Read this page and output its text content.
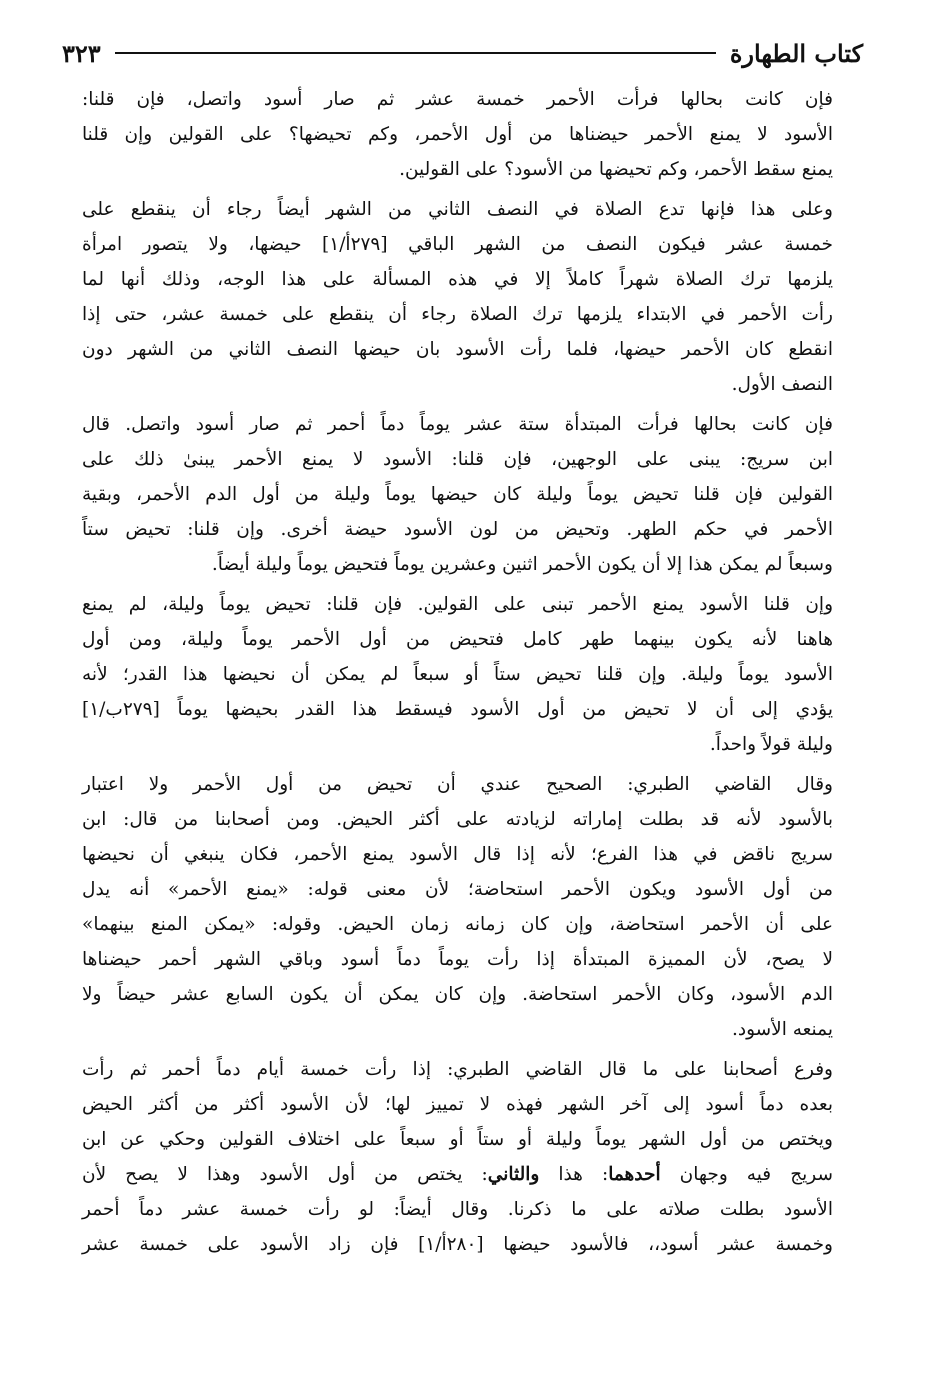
كتاب الطهارة
٣٢٣

فإن كانت بحالها فرأت الأحمر خمسة عشر ثم صار أسود واتصل، فإن قلنا:
الأسود لا يمنع الأحمر حيضناها من أول الأحمر، وكم تحيضها؟ على القولين وإن قلنا
يمنع سقط الأحمر، وكم تحيضها من الأسود؟ على القولين.

وعلى هذا فإنها تدع الصلاة في النصف الثاني من الشهر أيضاً رجاء أن ينقطع على
خمسة عشر فيكون النصف من الشهر الباقي [٢٧٩أ/١] حيضها، ولا يتصور امرأة
يلزمها ترك الصلاة شهراً كاملاً إلا في هذه المسألة على هذا الوجه، وذلك أنها لما
رأت الأحمر في الابتداء يلزمها ترك الصلاة رجاء أن ينقطع على خمسة عشر، حتى إذا
انقطع كان الأحمر حيضها، فلما رأت الأسود بان حيضها النصف الثاني من الشهر دون
النصف الأول.

فإن كانت بحالها فرأت المبتدأة ستة عشر يوماً دماً أحمر ثم صار أسود واتصل. قال
ابن سريج: يبنى على الوجهين، فإن قلنا: الأسود لا يمنع الأحمر يبنىٰ ذلك على
القولين فإن قلنا تحيض يوماً وليلة كان حيضها يوماً وليلة من أول الدم الأحمر، وبقية
الأحمر في حكم الطهر. وتحيض من لون الأسود حيضة أخرى. وإن قلنا: تحيض ستاً
وسبعاً لم يمكن هذا إلا أن يكون الأحمر اثنين وعشرين يوماً فتحيض يوماً وليلة أيضاً.

وإن قلنا الأسود يمنع الأحمر تبنى على القولين. فإن قلنا: تحيض يوماً وليلة، لم يمنع
هاهنا لأنه يكون بينهما طهر كامل فتحيض من أول الأحمر يوماً وليلة، ومن أول
الأسود يوماً وليلة. وإن قلنا تحيض ستاً أو سبعاً لم يمكن أن نحيضها هذا القدر؛ لأنه
يؤدي إلى أن لا تحيض من أول الأسود فيسقط هذا القدر بحيضها يوماً [٢٧٩ب/١]
وليلة قولاً واحداً.

وقال القاضي الطبري: الصحيح عندي أن تحيض من أول الأحمر ولا اعتبار
بالأسود لأنه قد بطلت إماراته لزيادته على أكثر الحيض. ومن أصحابنا من قال: ابن
سريج ناقض في هذا الفرع؛ لأنه إذا قال الأسود يمنع الأحمر، فكان ينبغي أن نحيضها
من أول الأسود ويكون الأحمر استحاضة؛ لأن معنى قوله: «يمنع الأحمر» أنه يدل
على أن الأحمر استحاضة، وإن كان زمانه زمان الحيض. وقوله: «يمكن المنع بينهما»
لا يصح، لأن المميزة المبتدأة إذا رأت يوماً دماً أسود وباقي الشهر أحمر حيضناها
الدم الأسود، وكان الأحمر استحاضة. وإن كان يمكن أن يكون السابع عشر حيضاً ولا
يمنعه الأسود.

وفرع أصحابنا على ما قال القاضي الطبري: إذا رأت خمسة أيام دماً أحمر ثم رأت
بعده دماً أسود إلى آخر الشهر فهذه لا تمييز لها؛ لأن الأسود أكثر من أكثر الحيض
ويختص من أول الشهر يوماً وليلة أو ستاً أو سبعاً على اختلاف القولين وحكي عن ابن
سريج فيه وجهان أحدهما: هذا والثاني: يختص من أول الأسود وهذا لا يصح لأن
الأسود بطلت صلاته على ما ذكرنا. وقال أيضاً: لو رأت خمسة عشر دماً أحمر
وخمسة عشر أسود،، فالأسود حيضها [٢٨٠أ/١] فإن زاد الأسود على خمسة عشر
